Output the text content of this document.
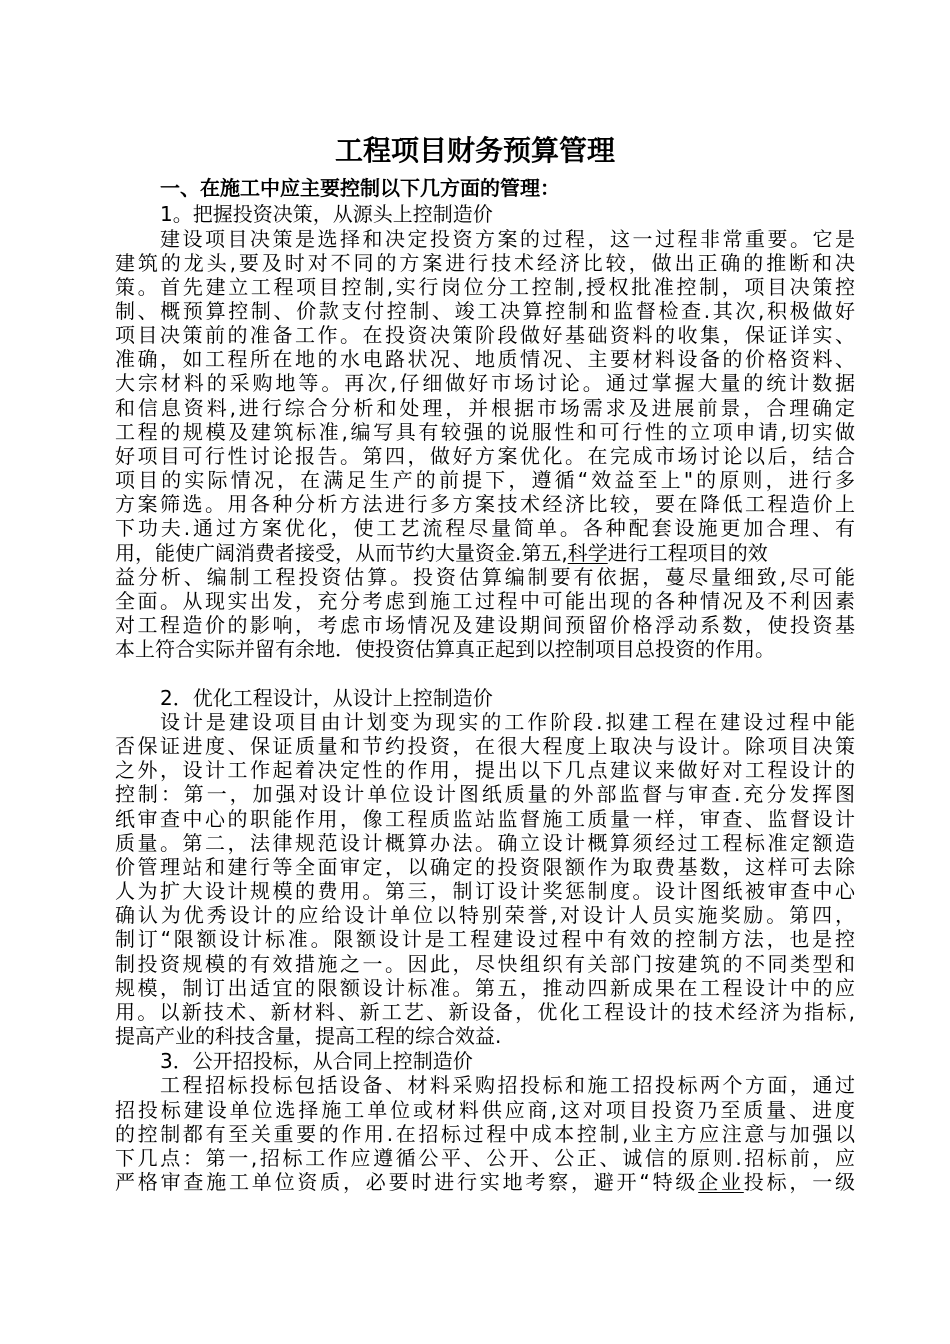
工程项目财务预算管理
一、在施工中应主要控制以下几方面的管理：

1。把握投资决策，从源头上控制造价

建设项目决策是选择和决定投资方案的过程，这一过程非常重要。它是

建筑的龙头,要及时对不同的方案进行技术经济比较，做出正确的推断和决

策。首先建立工程项目控制,实行岗位分工控制,授权批准控制，项目决策控

制、概预算控制、价款支付控制、竣工决算控制和监督检查.其次,积极做好

项目决策前的准备工作。在投资决策阶段做好基础资料的收集，保证详实、

准确，如工程所在地的水电路状况、地质情况、主要材料设备的价格资料、

大宗材料的采购地等。再次,仔细做好市场讨论。通过掌握大量的统计数据

和信息资料,进行综合分析和处理，并根据市场需求及进展前景，合理确定

工程的规模及建筑标准,编写具有较强的说服性和可行性的立项申请,切实做

好项目可行性讨论报告。第四，做好方案优化。在完成市场讨论以后，结合

项目的实际情况，在满足生产的前提下，遵循“效益至上"的原则，进行多

方案筛选。用各种分析方法进行多方案技术经济比较，要在降低工程造价上

下功夫.通过方案优化，使工艺流程尽量简单。各种配套设施更加合理、有

用，能使广阔消费者接受，从而节约大量资金.第五,科学进行工程项目的效

益分析、编制工程投资估算。投资估算编制要有依据，蔓尽量细致,尽可能

全面。从现实出发，充分考虑到施工过程中可能出现的各种情况及不利因素

对工程造价的影响，考虑市场情况及建设期间预留价格浮动系数，使投资基

本上符合实际并留有余地．使投资估算真正起到以控制项目总投资的作用。

2．优化工程设计，从设计上控制造价

设计是建设项目由计划变为现实的工作阶段.拟建工程在建设过程中能

否保证进度、保证质量和节约投资，在很大程度上取决与设计。除项目决策

之外，设计工作起着决定性的作用，提出以下几点建议来做好对工程设计的

控制：第一，加强对设计单位设计图纸质量的外部监督与审查.充分发挥图

纸审查中心的职能作用，像工程质监站监督施工质量一样，审查、监督设计

质量。第二，法律规范设计概算办法。确立设计概算须经过工程标准定额造

价管理站和建行等全面审定，以确定的投资限额作为取费基数，这样可去除

人为扩大设计规模的费用。第三，制订设计奖惩制度。设计图纸被审查中心

确认为优秀设计的应给设计单位以特别荣誉,对设计人员实施奖励。第四，

制订“限额设计标准。限额设计是工程建设过程中有效的控制方法，也是控

制投资规模的有效措施之一。因此，尽快组织有关部门按建筑的不同类型和

规模，制订出适宜的限额设计标准。第五，推动四新成果在工程设计中的应

用。以新技术、新材料、新工艺、新设备，优化工程设计的技术经济为指标,

提高产业的科技含量，提高工程的综合效益.

3．公开招投标，从合同上控制造价

工程招标投标包括设备、材料采购招投标和施工招投标两个方面，通过

招投标建设单位选择施工单位或材料供应商,这对项目投资乃至质量、进度

的控制都有至关重要的作用.在招标过程中成本控制,业主方应注意与加强以

下几点：第一,招标工作应遵循公平、公开、公正、诚信的原则.招标前，应

严格审查施工单位资质，必要时进行实地考察，避开“特级企业投标，一级
